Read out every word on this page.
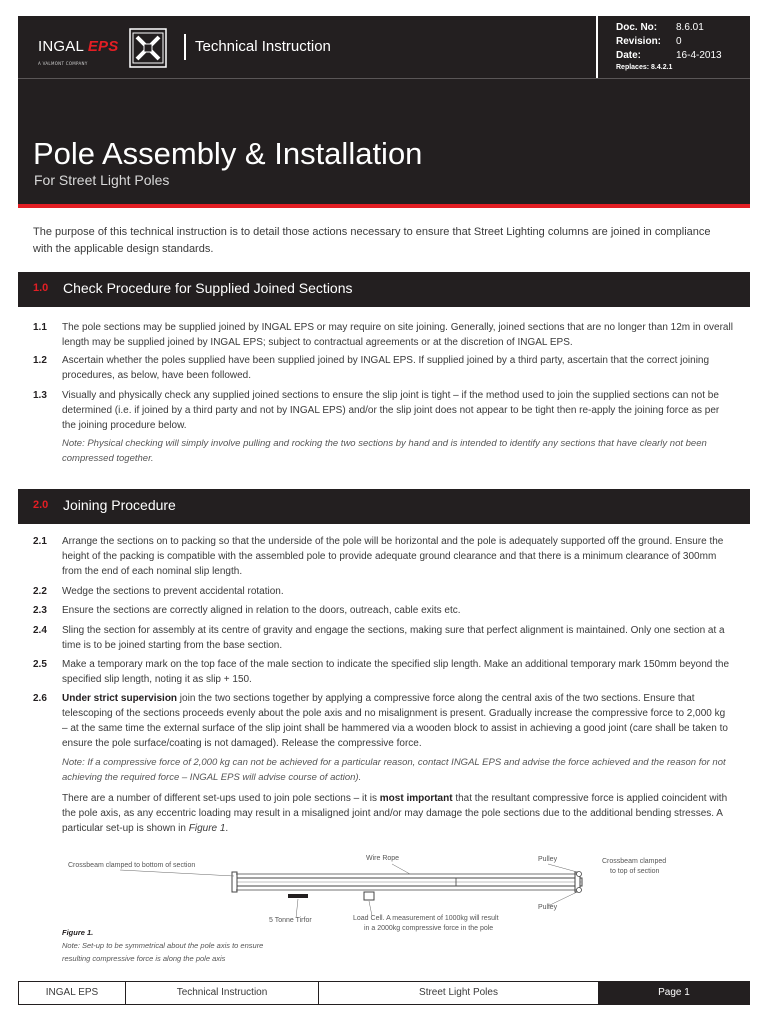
INGAL EPS
A VALMONT COMPANY
Technical Instruction
Doc. No: 8.6.01
Revision: 0
Date:	16-4-2013
Replaces: 8.4.2.1
Pole Assembly & Installation
For Street Light Poles
The purpose of this technical instruction is to detail those actions necessary to ensure that Street Lighting columns are joined in compliance with the applicable design standards.
1.0 Check Procedure for Supplied Joined Sections
1.1 The pole sections may be supplied joined by INGAL EPS or may require on site joining. Generally, joined sections that are no longer than 12m in overall length may be supplied joined by INGAL EPS; subject to contractual agreements or at the discretion of INGAL EPS.
1.2 Ascertain whether the poles supplied have been supplied joined by INGAL EPS. If supplied joined by a third party, ascertain that the correct joining procedures, as below, have been followed.
1.3 Visually and physically check any supplied joined sections to ensure the slip joint is tight – if the method used to join the supplied sections can not be determined (i.e. if joined by a third party and not by INGAL EPS) and/or the slip joint does not appear to be tight then re-apply the joining force as per the joining procedure below.
Note: Physical checking will simply involve pulling and rocking the two sections by hand and is intended to identify any sections that have clearly not been compressed together.
2.0 Joining Procedure
2.1 Arrange the sections on to packing so that the underside of the pole will be horizontal and the pole is adequately supported off the ground. Ensure the height of the packing is compatible with the assembled pole to provide adequate ground clearance and that there is a minimum clearance of 300mm from the end of each nominal slip length.
2.2 Wedge the sections to prevent accidental rotation.
2.3 Ensure the sections are correctly aligned in relation to the doors, outreach, cable exits etc.
2.4 Sling the section for assembly at its centre of gravity and engage the sections, making sure that perfect alignment is maintained. Only one section at a time is to be joined starting from the base section.
2.5 Make a temporary mark on the top face of the male section to indicate the specified slip length. Make an additional temporary mark 150mm beyond the specified slip length, noting it as slip + 150.
2.6 Under strict supervision join the two sections together by applying a compressive force along the central axis of the two sections. Ensure that telescoping of the sections proceeds evenly about the pole axis and no misalignment is present. Gradually increase the compressive force to 2,000 kg – at the same time the external surface of the slip joint shall be hammered via a wooden block to assist in achieving a good joint (care shall be taken to ensure the pole surface/coating is not damaged). Release the compressive force.
Note: If a compressive force of 2,000 kg can not be achieved for a particular reason, contact INGAL EPS and advise the force achieved and the reason for not achieving the required force – INGAL EPS will advise course of action).
There are a number of different set-ups used to join pole sections – it is most important that the resultant compressive force is applied coincident with the pole axis, as any eccentric loading may result in a misaligned joint and/or may damage the pole sections due to the additional bending stresses. A particular set-up is shown in Figure 1.
Crossbeam clamped to bottom of section
Wire Rope	Pulley	Crossbeam clamped
to top of section
Pulley
5 Tonne Tirfor	Load Cell. A measurement of 1000kg will result
in a 2000kg compressive force in the pole
Figure 1.
Note: Set-up to be symmetrical about the pole axis to ensure resulting compressive force is along the pole axis
INGAL EPS	Technical Instruction	Street Light Poles	Page 1
